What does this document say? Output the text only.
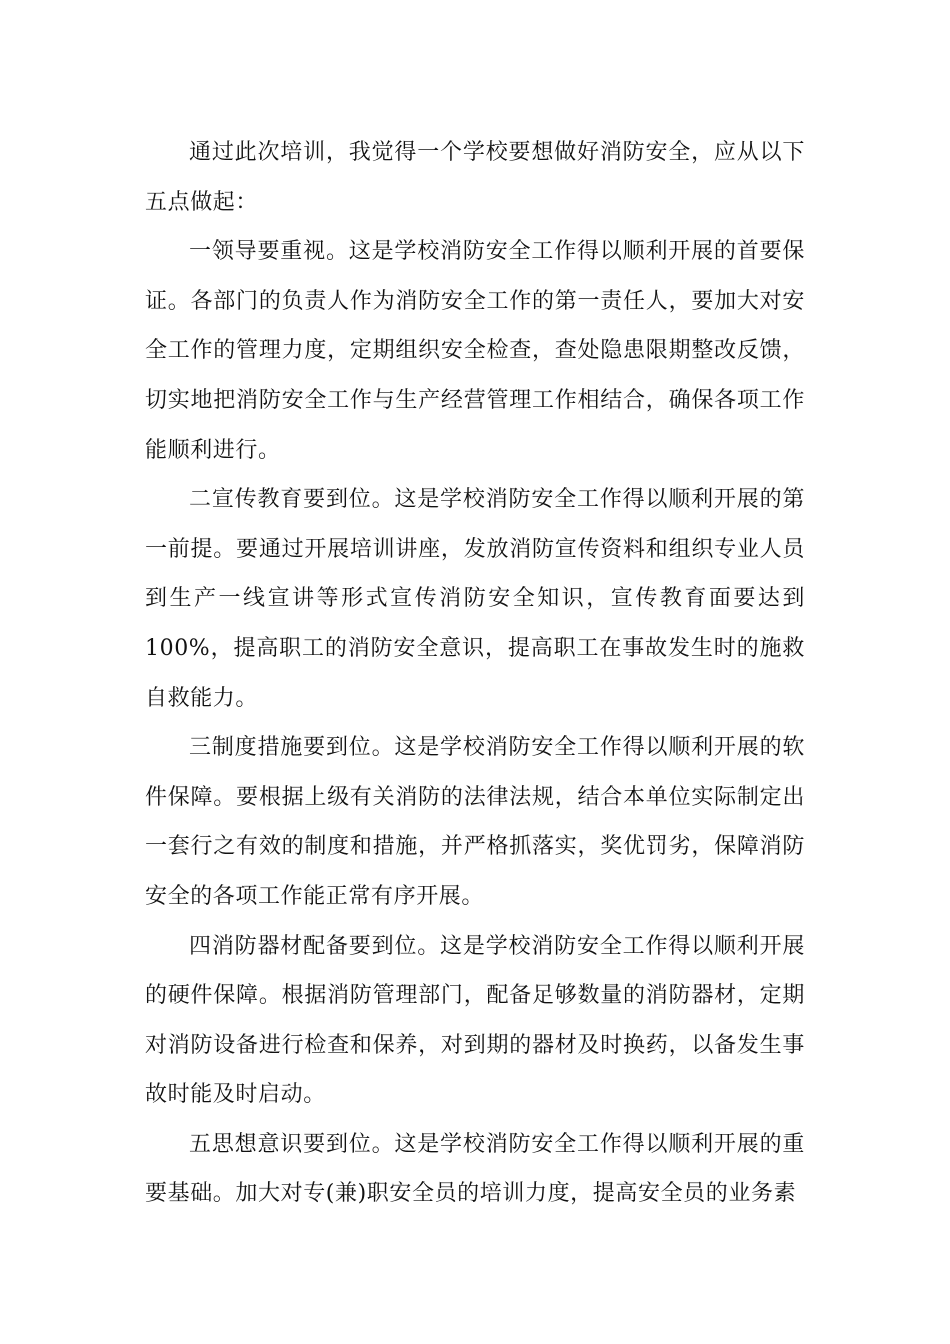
通过此次培训，我觉得一个学校要想做好消防安全，应从以下五点做起：

一领导要重视。这是学校消防安全工作得以顺利开展的首要保证。各部门的负责人作为消防安全工作的第一责任人，要加大对安全工作的管理力度，定期组织安全检查，查处隐患限期整改反馈，切实地把消防安全工作与生产经营管理工作相结合，确保各项工作能顺利进行。

二宣传教育要到位。这是学校消防安全工作得以顺利开展的第一前提。要通过开展培训讲座，发放消防宣传资料和组织专业人员到生产一线宣讲等形式宣传消防安全知识，宣传教育面要达到100%，提高职工的消防安全意识，提高职工在事故发生时的施救自救能力。

三制度措施要到位。这是学校消防安全工作得以顺利开展的软件保障。要根据上级有关消防的法律法规，结合本单位实际制定出一套行之有效的制度和措施，并严格抓落实，奖优罚劣，保障消防安全的各项工作能正常有序开展。

四消防器材配备要到位。这是学校消防安全工作得以顺利开展的硬件保障。根据消防管理部门，配备足够数量的消防器材，定期对消防设备进行检查和保养，对到期的器材及时换药，以备发生事故时能及时启动。

五思想意识要到位。这是学校消防安全工作得以顺利开展的重要基础。加大对专(兼)职安全员的培训力度，提高安全员的业务素
